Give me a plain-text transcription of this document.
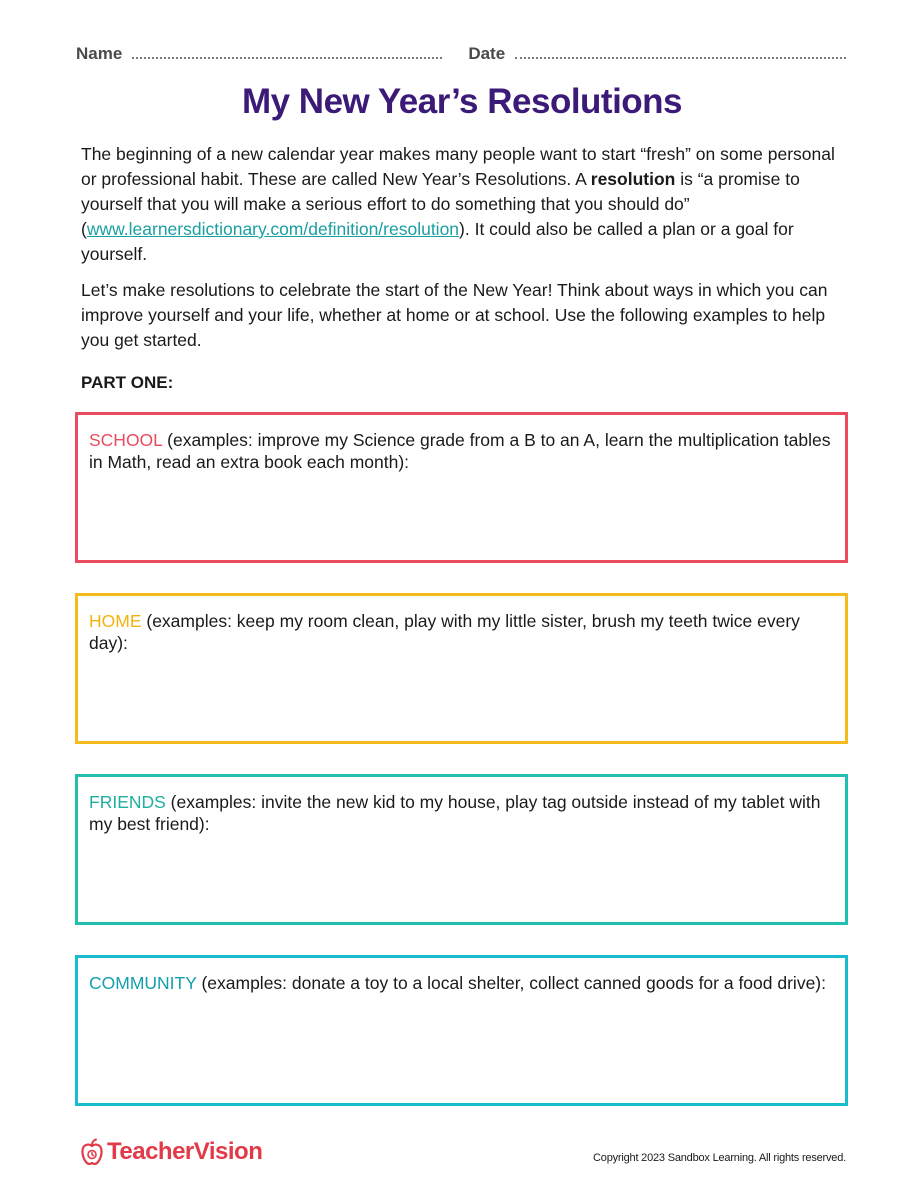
Name	Date
My New Year’s Resolutions
The beginning of a new calendar year makes many people want to start “fresh” on some personal or professional habit. These are called New Year’s Resolutions. A resolution is “a promise to yourself that you will make a serious effort to do something that you should do” (www.learnersdictionary.com/definition/resolution). It could also be called a plan or a goal for yourself.
Let’s make resolutions to celebrate the start of the New Year! Think about ways in which you can improve yourself and your life, whether at home or at school. Use the following examples to help you get started.
PART ONE:
SCHOOL (examples: improve my Science grade from a B to an A, learn the multiplication tables in Math, read an extra book each month):
HOME (examples: keep my room clean, play with my little sister, brush my teeth twice every day):
FRIENDS (examples: invite the new kid to my house, play tag outside instead of my tablet with my best friend):
COMMUNITY (examples: donate a toy to a local shelter, collect canned goods for a food drive):
TeacherVision	Copyright 2023 Sandbox Learning. All rights reserved.
